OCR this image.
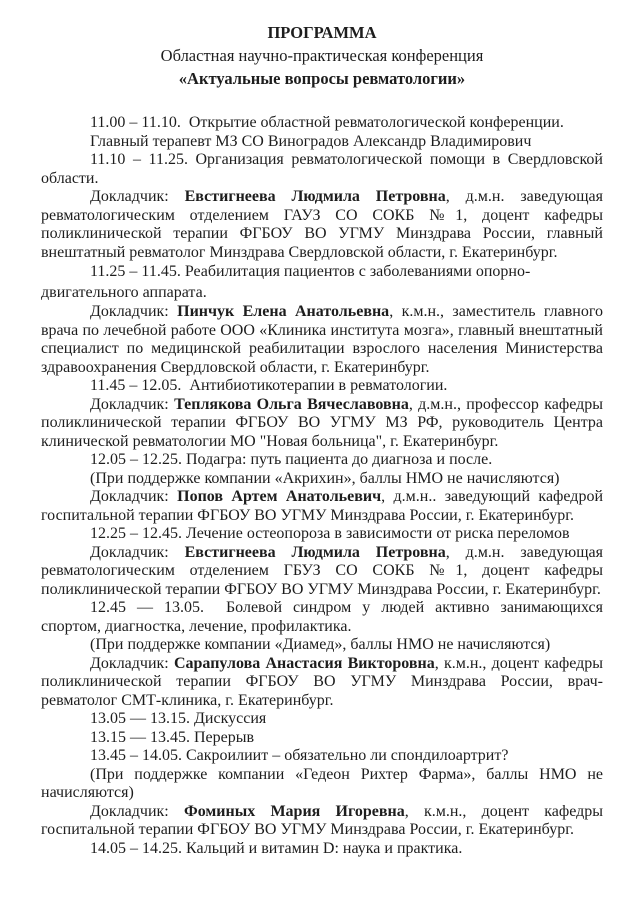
ПРОГРАММА
Областная научно-практическая конференция
«Актуальные вопросы ревматологии»

11.00 – 11.10.  Открытие областной ревматологической конференции.

Главный терапевт МЗ СО Виноградов Александр Владимирович

11.10 – 11.25. Организация ревматологической помощи в Свердловской области.

Докладчик: Евстигнеева Людмила Петровна, д.м.н. заведующая ревматологическим отделением ГАУЗ СО СОКБ №1, доцент кафедры поликлинической терапии ФГБОУ ВО УГМУ Минздрава России, главный внештатный ревматолог Минздрава Свердловской области, г. Екатеринбург.

11.25 – 11.45. Реабилитация пациентов с заболеваниями опорно-двигательного аппарата.

Докладчик: Пинчук Елена Анатольевна, к.м.н., заместитель главного врача по лечебной работе ООО «Клиника института мозга», главный внештатный специалист по медицинской реабилитации взрослого населения Министерства здравоохранения Свердловской области, г. Екатеринбург.

11.45 – 12.05.  Антибиотикотерапии в ревматологии.

Докладчик: Теплякова Ольга Вячеславовна, д.м.н., профессор кафедры поликлинической терапии ФГБОУ ВО УГМУ МЗ РФ, руководитель Центра клинической ревматологии МО "Новая больница", г. Екатеринбург.

12.05 – 12.25. Подагра: путь пациента до диагноза и после.

(При поддержке компании «Акрихин», баллы НМО не начисляются)

Докладчик: Попов Артем Анатольевич, д.м.н.. заведующий кафедрой госпитальной терапии ФГБОУ ВО УГМУ Минздрава России, г. Екатеринбург.

12.25 – 12.45. Лечение остеопороза в зависимости от риска переломов

Докладчик: Евстигнеева Людмила Петровна, д.м.н. заведующая ревматологическим отделением ГБУЗ СО СОКБ №1, доцент кафедры поликлинической терапии ФГБОУ ВО УГМУ Минздрава России, г. Екатеринбург.

12.45 — 13.05.  Болевой синдром у людей активно занимающихся спортом, диагностка, лечение, профилактика.

(При поддержке компании «Диамед», баллы НМО не начисляются)

Докладчик: Сарапулова Анастасия Викторовна, к.м.н., доцент кафедры поликлинической терапии ФГБОУ ВО УГМУ Минздрава России, врач-ревматолог СМТ-клиника, г. Екатеринбург.

13.05 — 13.15. Дискуссия

13.15 — 13.45. Перерыв

13.45 – 14.05. Сакроилиит – обязательно ли спондилоартрит?

(При поддержке компании «Гедеон Рихтер Фарма», баллы НМО не начисляются)

Докладчик: Фоминых Мария Игоревна, к.м.н., доцент кафедры госпитальной терапии ФГБОУ ВО УГМУ Минздрава России, г. Екатеринбург.

14.05 – 14.25. Кальций и витамин D: наука и практика.
